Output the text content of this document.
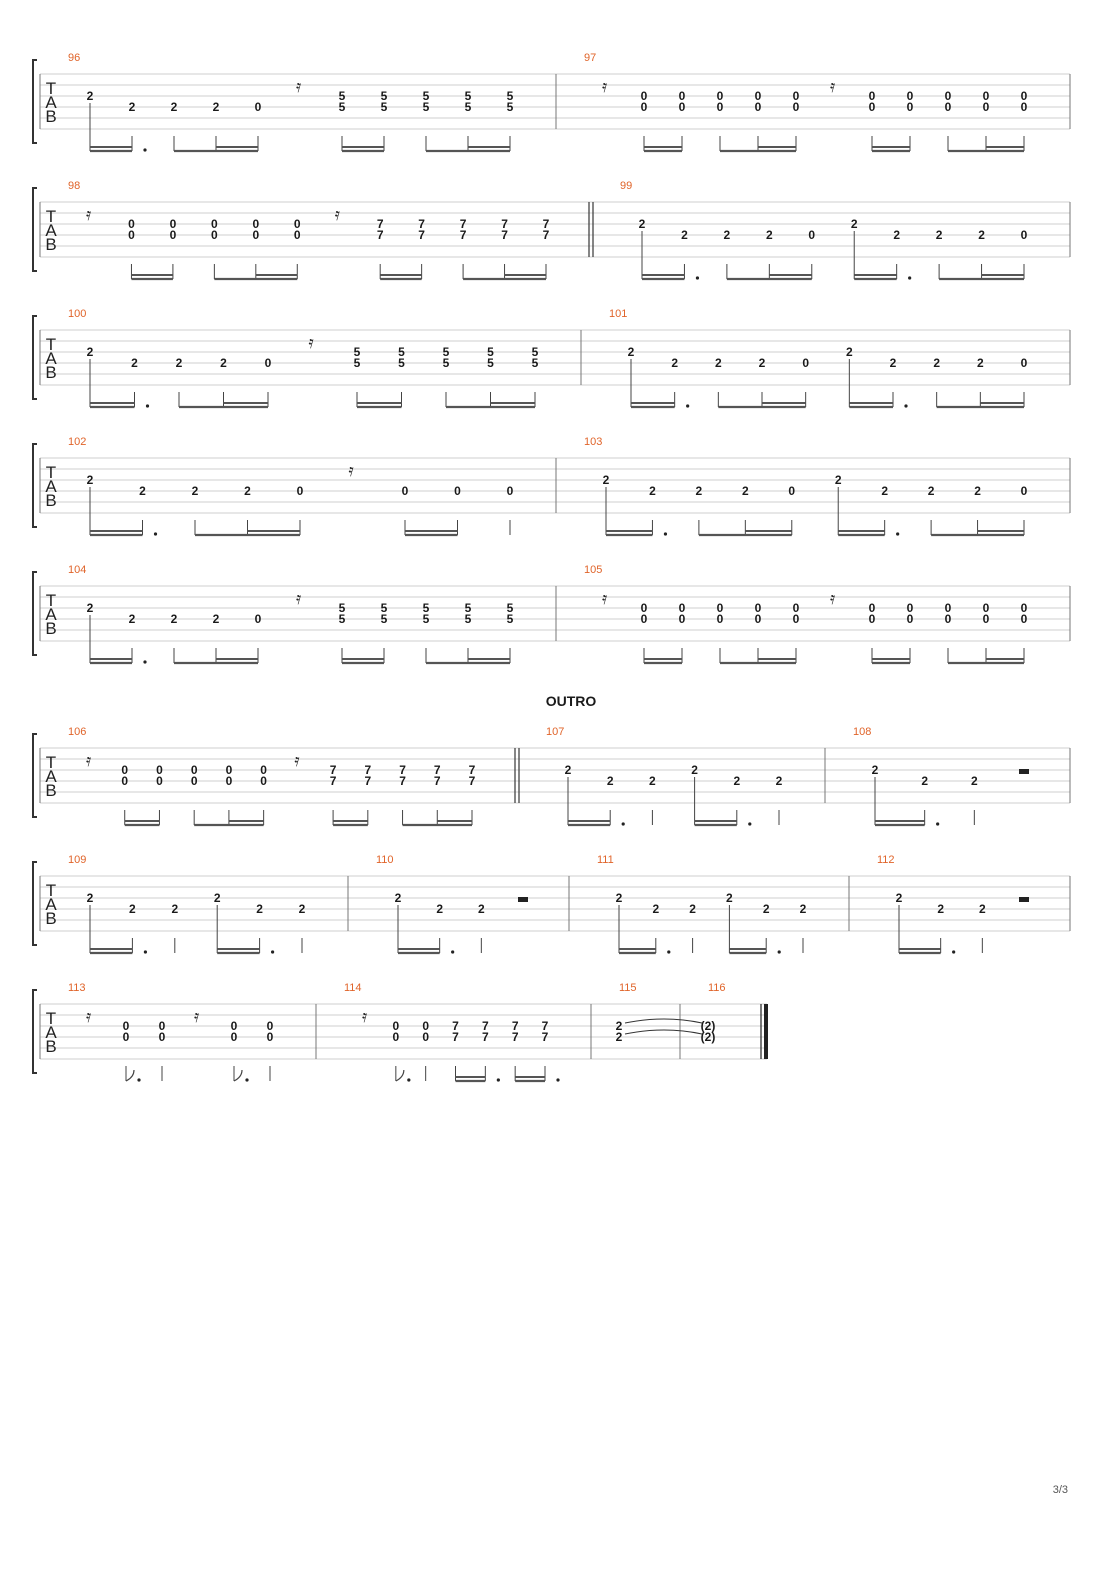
OUTRO
T
A
B
96
2
2	2	2	0
𝄿	5
5
5
5
5
5
5
5
5
5
97
𝄿	0
0
0
0
0
0
0
0
0
0
𝄿	0
0
0
0
0
0
0
0
0
0
T
A
B
98
𝄿	0
0
0
0
0
0
0
0
0
0
𝄿	7
7
7
7
7
7
7
7
7
7
99
2
2	2	2	0
2
2	2	2	0
T
A
B
100
2
2	2	2	0
𝄿	5
5
5
5
5
5
5
5
5
5
101
2
2	2	2	0
2
2	2	2	0
T
A
B
102
2
2	2	2	0
𝄿
0	0	0
103
2
2	2	2	0
2
2	2	2	0
T
A
B
104
2
2	2	2	0
𝄿	5
5
5
5
5
5
5
5
5
5
105
𝄿	0
0
0
0
0
0
0
0
0
0
𝄿	0
0
0
0
0
0
0
0
0
0
T
A
B
106
𝄿	0
0
0
0
0
0
0
0
0
0
𝄿	7
7
7
7
7
7
7
7
7
7
107
2
2	2
2
2	2
108
2
2	2
T
A
B
109
2
2	2
2
2	2
110
2
2	2
111
2
2	2
2
2	2
112
2
2	2
T
A
B
113
𝄿	0
0
0
0
𝄿	0
0
0
0
114
𝄿 0
0
0
0
7
7
7
7
7
7
7
7
115
2
2
116
(2)
(2)
3/3
